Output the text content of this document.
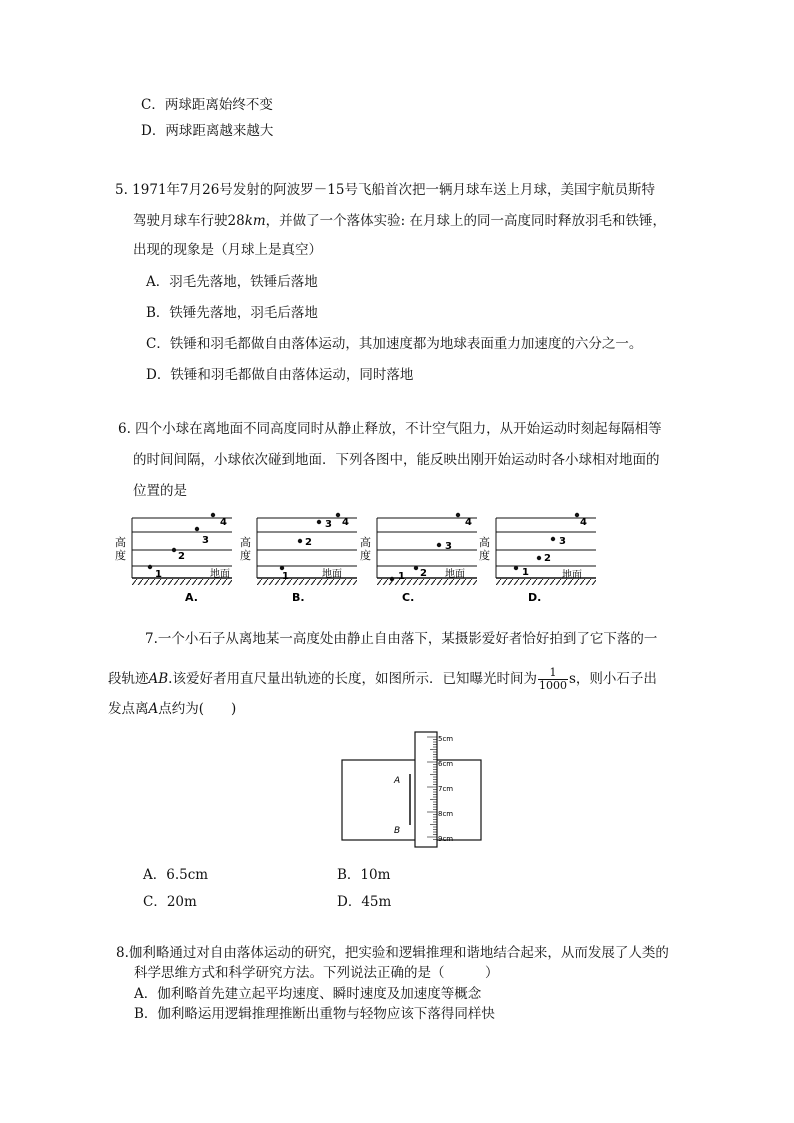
C．两球距离始终不变
D．两球距离越来越大
5. 1971年7月26号发射的阿波罗－15号飞船首次把一辆月球车送上月球，美国宇航员斯特
驾驶月球车行驶28km，并做了一个落体实验: 在月球上的同一高度同时释放羽毛和铁锤，
出现的现象是（月球上是真空）
A．羽毛先落地，铁锤后落地
B．铁锤先落地，羽毛后落地
C．铁锤和羽毛都做自由落体运动，其加速度都为地球表面重力加速度的六分之一。
D．铁锤和羽毛都做自由落体运动，同时落地
6. 四个小球在离地面不同高度同时从静止释放，不计空气阻力，从开始运动时刻起每隔相等
的时间间隔，小球依次碰到地面．下列各图中，能反映出刚开始运动时各小球相对地面的
位置的是
高
度
4
3
2
1	地面
A.
高
度
4
3
2
1	地面
B.
高
度
4
3
2
1	地面
C.
高
度
4
3
2
1	地面
D.
7.一个小石子从离地某一高度处由静止自由落下，某摄影爱好者恰好拍到了它下落的一
段轨迹AB.该爱好者用直尺量出轨迹的长度，如图所示．已知曝光时间为 $\frac{1}{1000}$ s，则小石子出
发点离A点约为(　　)
A
B
5cm
6cm
7cm
8cm
9cm
A．6.5cm	B．10m
C．20m	D．45m
8.伽利略通过对自由落体运动的研究，把实验和逻辑推理和谐地结合起来，从而发展了人类的
科学思维方式和科学研究方法。下列说法正确的是（　　　）
A．伽利略首先建立起平均速度、瞬时速度及加速度等概念
B．伽利略运用逻辑推理推断出重物与轻物应该下落得同样快
